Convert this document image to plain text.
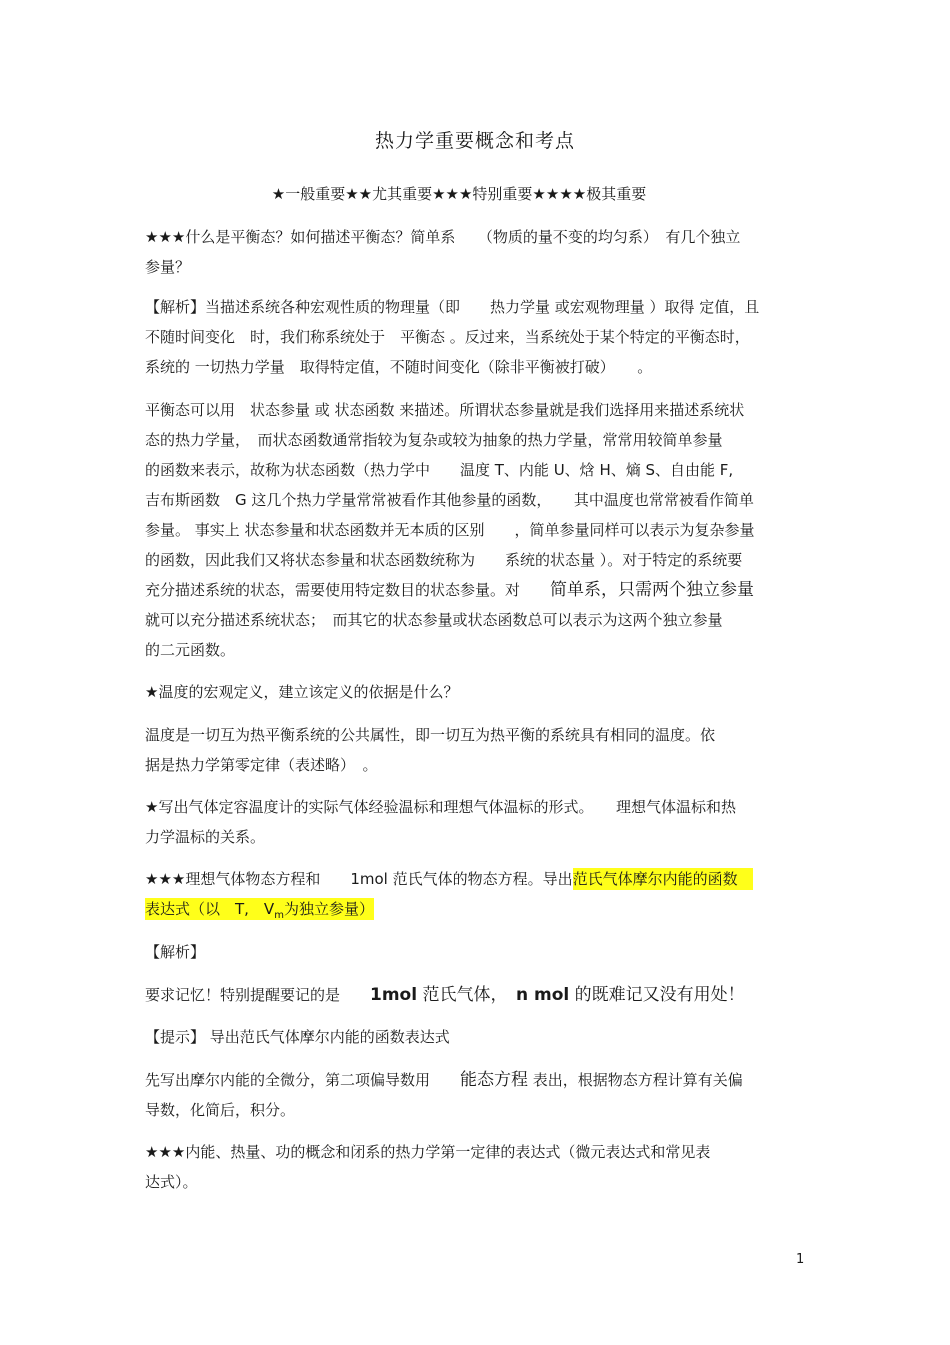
热力学重要概念和考点
★一般重要★★尤其重要★★★特别重要★★★★极其重要
★★★什么是平衡态？如何描述平衡态？简单系　　（物质的量不变的均匀系）　有几个独立
参量？
【解析】当描述系统各种宏观性质的物理量（即　　热力学量 或宏观物理量 ）取得 定值，且
不随时间变化　时，我们称系统处于　平衡态 。反过来，当系统处于某个特定的平衡态时，
系统的 一切热力学量　取得特定值，不随时间变化（除非平衡被打破）　　。
平衡态可以用　状态参量 或 状态函数 来描述。所谓状态参量就是我们选择用来描述系统状
态的热力学量，　而状态函数通常指较为复杂或较为抽象的热力学量，常常用较简单参量
的函数来表示，故称为状态函数（热力学中　　温度 T、内能 U、焓 H、熵 S、自由能 F,
吉布斯函数　G 这几个热力学量常常被看作其他参量的函数，　　其中温度也常常被看作简单
参量。 事实上 状态参量和状态函数并无本质的区别　　，简单参量同样可以表示为复杂参量
的函数，因此我们又将状态参量和状态函数统称为　　系统的状态量 ）。对于特定的系统要
充分描述系统的状态，需要使用特定数目的状态参量。对　　简单系，只需两个独立参量
就可以充分描述系统状态；　而其它的状态参量或状态函数总可以表示为这两个独立参量
的二元函数。
★温度的宏观定义，建立该定义的依据是什么？
温度是一切互为热平衡系统的公共属性，即一切互为热平衡的系统具有相同的温度。依
据是热力学第零定律（表述略）　。
★写出气体定容温度计的实际气体经验温标和理想气体温标的形式。　　理想气体温标和热
力学温标的关系。
★★★理想气体物态方程和　　1mol 范氏气体的物态方程。导出范氏气体摩尔内能的函数　
表达式（以　T,　$V_m$为独立参量）
【解析】
要求记忆！特别提醒要记的是　　1mol 范氏气体，　n mol 的既难记又没有用处！
【提示】 导出范氏气体摩尔内能的函数表达式
先写出摩尔内能的全微分，第二项偏导数用　　能态方程 表出，根据物态方程计算有关偏
导数，化简后，积分。
★★★内能、热量、功的概念和闭系的热力学第一定律的表达式（微元表达式和常见表
达式）。
1
